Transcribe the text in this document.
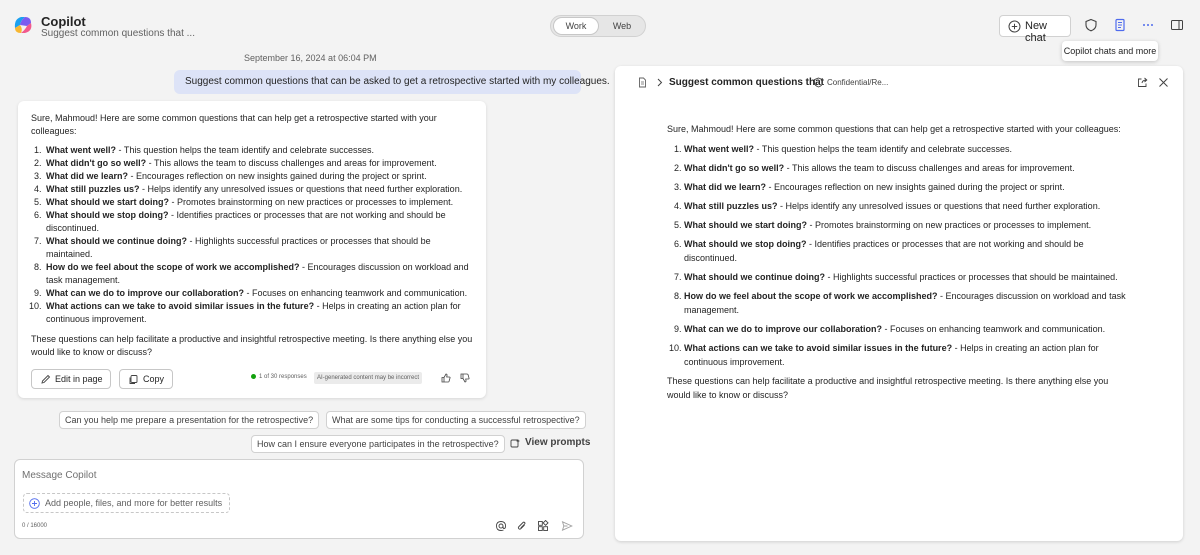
Copilot
Suggest common questions that ...
Work	Web	New chat
Copilot chats and more
September 16, 2024 at 06:04 PM
Suggest common questions that can be asked to get a retrospective started with my colleagues.

Sure, Mahmoud! Here are some common questions that can help get a retrospective started with your colleagues:

1. What went well? - This question helps the team identify and celebrate successes.
2. What didn't go so well? - This allows the team to discuss challenges and areas for improvement.
3. What did we learn? - Encourages reflection on new insights gained during the project or sprint.
4. What still puzzles us? - Helps identify any unresolved issues or questions that need further exploration.
5. What should we start doing? - Promotes brainstorming on new practices or processes to implement.
6. What should we stop doing? - Identifies practices or processes that are not working and should be discontinued.
7. What should we continue doing? - Highlights successful practices or processes that should be maintained.
8. How do we feel about the scope of work we accomplished? - Encourages discussion on workload and task management.
9. What can we do to improve our collaboration? - Focuses on enhancing teamwork and communication.
10. What actions can we take to avoid similar issues in the future? - Helps in creating an action plan for continuous improvement.

These questions can help facilitate a productive and insightful retrospective meeting. Is there anything else you would like to know or discuss?

Edit in page	Copy	1 of 30 responses	AI-generated content may be incorrect
Can you help me prepare a presentation for the retrospective?	What are some tips for conducting a successful retrospective?
How can I ensure everyone participates in the retrospective?	View prompts
Message Copilot
Add people, files, and more for better results
0 / 16000
Suggest common questions that Confidential/Re...

Sure, Mahmoud! Here are some common questions that can help get a retrospective started with your colleagues:

1. What went well? - This question helps the team identify and celebrate successes.
2. What didn't go so well? - This allows the team to discuss challenges and areas for improvement.
3. What did we learn? - Encourages reflection on new insights gained during the project or sprint.
4. What still puzzles us? - Helps identify any unresolved issues or questions that need further exploration.
5. What should we start doing? - Promotes brainstorming on new practices or processes to implement.
6. What should we stop doing? - Identifies practices or processes that are not working and should be discontinued.
7. What should we continue doing? - Highlights successful practices or processes that should be maintained.
8. How do we feel about the scope of work we accomplished? - Encourages discussion on workload and task management.
9. What can we do to improve our collaboration? - Focuses on enhancing teamwork and communication.
10. What actions can we take to avoid similar issues in the future? - Helps in creating an action plan for continuous improvement.

These questions can help facilitate a productive and insightful retrospective meeting. Is there anything else you would like to know or discuss?
